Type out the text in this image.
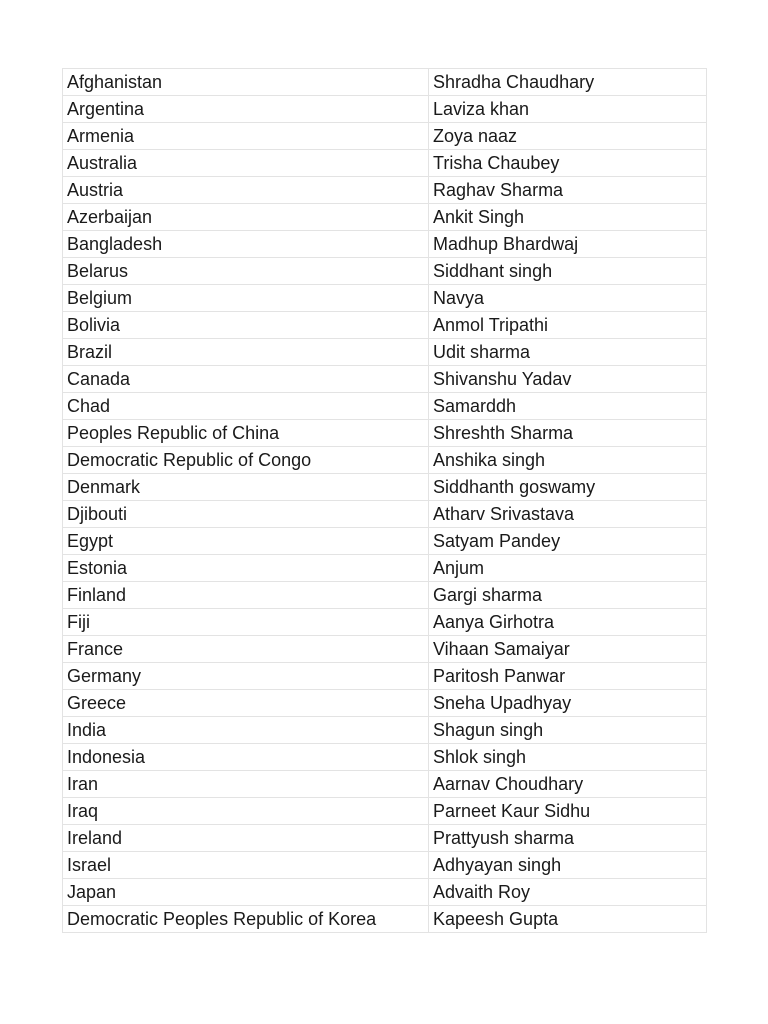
Afghanistan	Shradha Chaudhary
Argentina	Laviza khan
Armenia	Zoya naaz
Australia	Trisha Chaubey
Austria	Raghav Sharma
Azerbaijan	Ankit Singh
Bangladesh	Madhup Bhardwaj
Belarus	Siddhant singh
Belgium	Navya
Bolivia	Anmol Tripathi
Brazil	Udit sharma
Canada	Shivanshu Yadav
Chad	Samarddh
Peoples Republic of China	Shreshth Sharma
Democratic Republic of Congo	Anshika singh
Denmark	Siddhanth goswamy
Djibouti	Atharv Srivastava
Egypt	Satyam Pandey
Estonia	Anjum
Finland	Gargi sharma
Fiji	Aanya Girhotra
France	Vihaan Samaiyar
Germany	Paritosh Panwar
Greece	Sneha Upadhyay
India	Shagun singh
Indonesia	Shlok singh
Iran	Aarnav Choudhary
Iraq	Parneet Kaur Sidhu
Ireland	Prattyush sharma
Israel	Adhyayan singh
Japan	Advaith Roy
Democratic Peoples Republic of Korea	Kapeesh Gupta
